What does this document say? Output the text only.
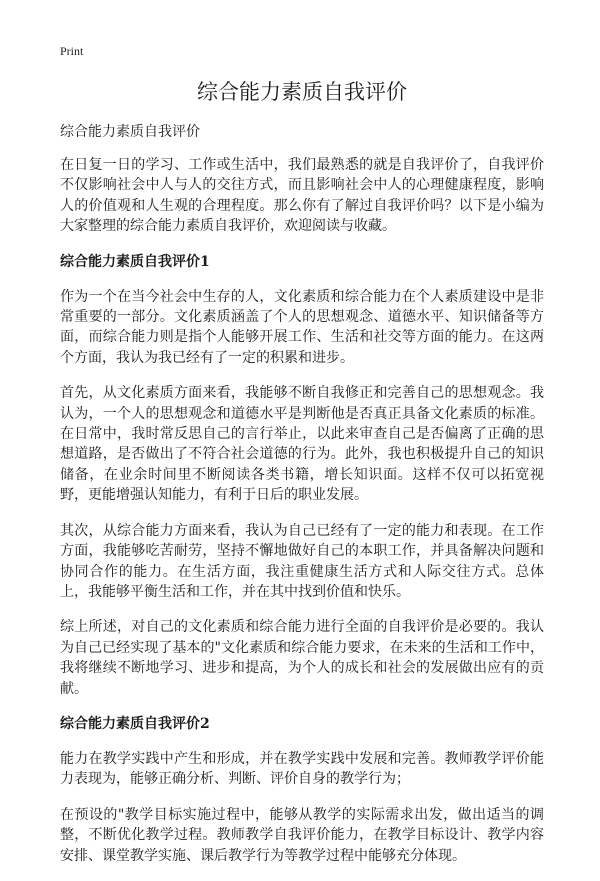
Print
综合能力素质自我评价
综合能力素质自我评价

在日复一日的学习、工作或生活中，我们最熟悉的就是自我评价了，自我评价不仅影响社会中人与人的交往方式，而且影响社会中人的心理健康程度，影响人的价值观和人生观的合理程度。那么你有了解过自我评价吗？以下是小编为大家整理的综合能力素质自我评价，欢迎阅读与收藏。

综合能力素质自我评价1

作为一个在当今社会中生存的人，文化素质和综合能力在个人素质建设中是非常重要的一部分。文化素质涵盖了个人的思想观念、道德水平、知识储备等方面，而综合能力则是指个人能够开展工作、生活和社交等方面的能力。在这两个方面，我认为我已经有了一定的积累和进步。

首先，从文化素质方面来看，我能够不断自我修正和完善自己的思想观念。我认为，一个人的思想观念和道德水平是判断他是否真正具备文化素质的标准。在日常中，我时常反思自己的言行举止，以此来审查自己是否偏离了正确的思想道路，是否做出了不符合社会道德的行为。此外，我也积极提升自己的知识储备，在业余时间里不断阅读各类书籍，增长知识面。这样不仅可以拓宽视野，更能增强认知能力，有利于日后的职业发展。

其次，从综合能力方面来看，我认为自己已经有了一定的能力和表现。在工作方面，我能够吃苦耐劳，坚持不懈地做好自己的本职工作，并具备解决问题和协同合作的能力。在生活方面，我注重健康生活方式和人际交往方式。总体上，我能够平衡生活和工作，并在其中找到价值和快乐。

综上所述，对自己的文化素质和综合能力进行全面的自我评价是必要的。我认为自己已经实现了基本的"文化素质和综合能力要求，在未来的生活和工作中，我将继续不断地学习、进步和提高，为个人的成长和社会的发展做出应有的贡献。

综合能力素质自我评价2

能力在教学实践中产生和形成，并在教学实践中发展和完善。教师教学评价能力表现为，能够正确分析、判断、评价自身的教学行为；

在预设的"教学目标实施过程中，能够从教学的实际需求出发，做出适当的调整，不断优化教学过程。教师教学自我评价能力，在教学目标设计、教学内容安排、课堂教学实施、课后教学行为等教学过程中能够充分体现。
